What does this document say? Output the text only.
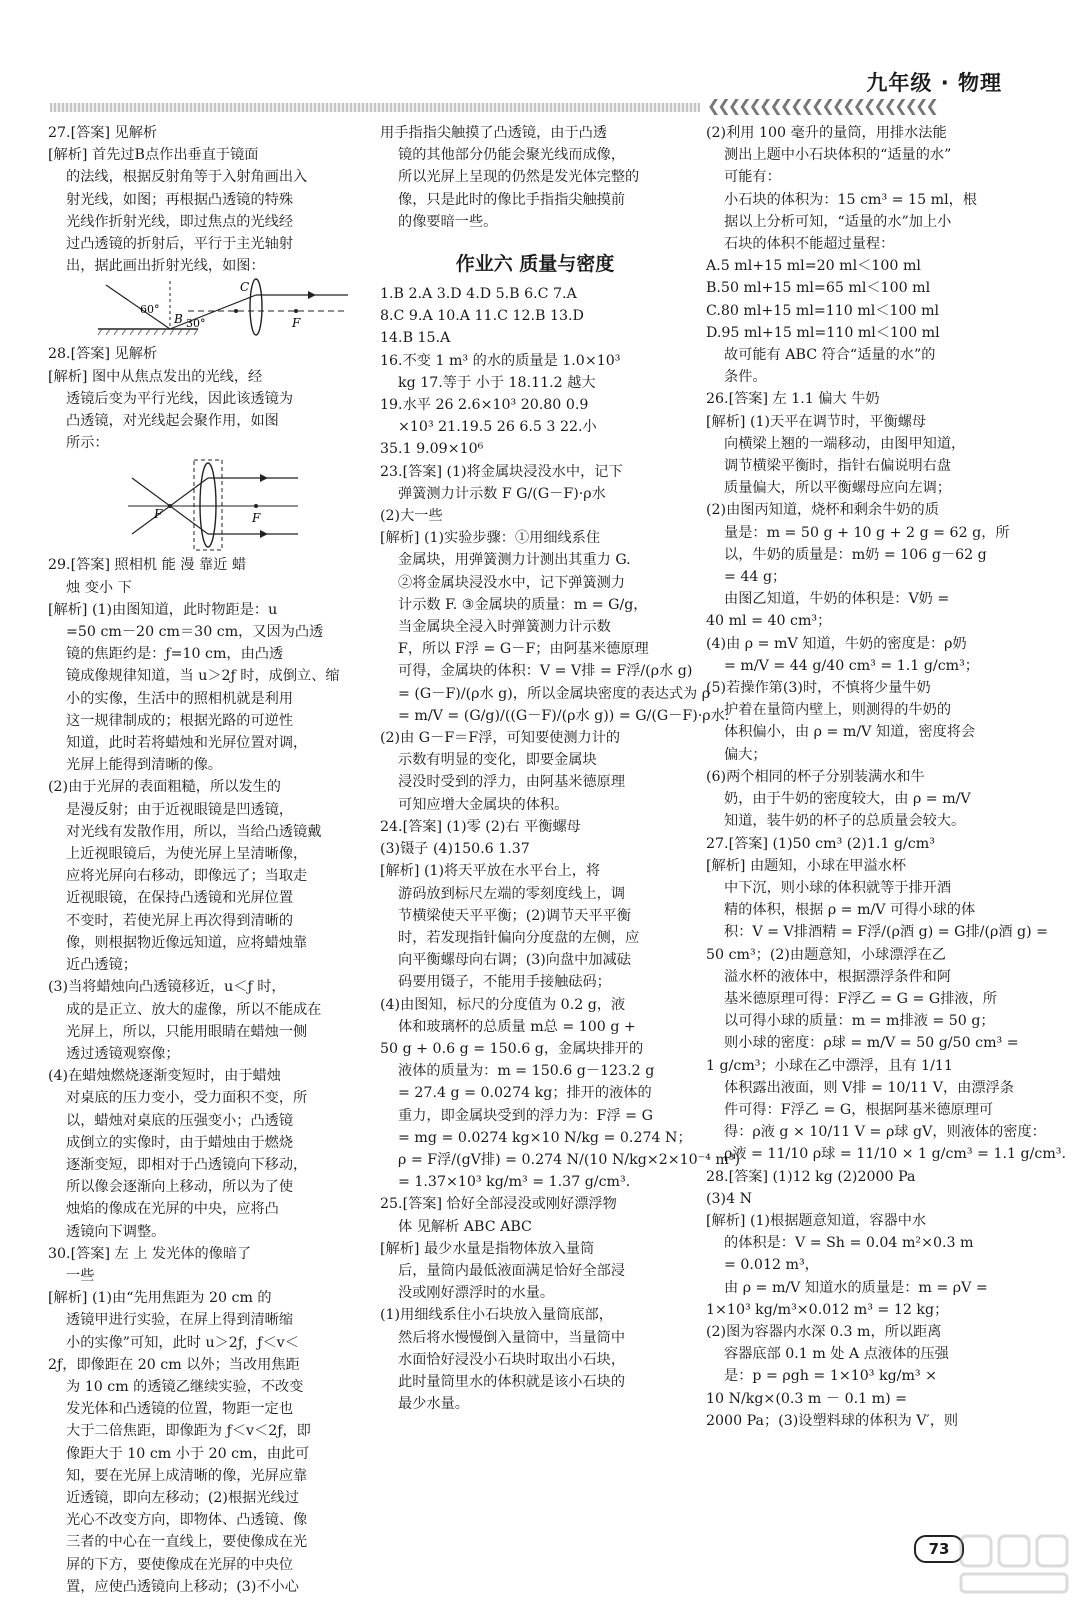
九年级 · 物理
❮❮❮❮❮❮❮❮❮❮❮❮❮❮❮❮❮❮❮❮❮❮
27.[答案] 见解析
[解析] 首先过B点作出垂直于镜面
的法线，根据反射角等于入射角画出入
射光线，如图；再根据凸透镜的特殊
光线作折射光线，即过焦点的光线经
过凸透镜的折射后，平行于主光轴射
出，据此画出折射光线，如图：
C
B	F
60°
30°
28.[答案] 见解析
[解析] 图中从焦点发出的光线，经
透镜后变为平行光线，因此该透镜为
凸透镜，对光线起会聚作用，如图
所示：
F	F
29.[答案] 照相机 能 漫 靠近 蜡
烛 变小 下
[解析] (1)由图知道，此时物距是：u
=50 cm－20 cm＝30 cm，又因为凸透
镜的焦距约是：ƒ=10 cm，由凸透
镜成像规律知道，当 u＞2ƒ 时，成倒立、缩
小的实像，生活中的照相机就是利用
这一规律制成的；根据光路的可逆性
知道，此时若将蜡烛和光屏位置对调，
光屏上能得到清晰的像。
(2)由于光屏的表面粗糙，所以发生的
是漫反射；由于近视眼镜是凹透镜，
对光线有发散作用，所以，当给凸透镜戴
上近视眼镜后，为使光屏上呈清晰像，
应将光屏向右移动，即像远了；当取走
近视眼镜，在保持凸透镜和光屏位置
不变时，若使光屏上再次得到清晰的
像，则根据物近像远知道，应将蜡烛靠
近凸透镜；
(3)当将蜡烛向凸透镜移近，u＜ƒ 时，
成的是正立、放大的虚像，所以不能成在
光屏上，所以，只能用眼睛在蜡烛一侧
透过透镜观察像；
(4)在蜡烛燃烧逐渐变短时，由于蜡烛
对桌底的压力变小，受力面积不变，所
以，蜡烛对桌底的压强变小；凸透镜
成倒立的实像时，由于蜡烛由于燃烧
逐渐变短，即相对于凸透镜向下移动，
所以像会逐渐向上移动，所以为了使
烛焰的像成在光屏的中央，应将凸
透镜向下调整。
30.[答案] 左 上 发光体的像暗了
一些
[解析] (1)由“先用焦距为 20 cm 的
透镜甲进行实验，在屏上得到清晰缩
小的实像”可知，此时 u＞2ƒ，ƒ＜v＜
2ƒ，即像距在 20 cm 以外；当改用焦距
为 10 cm 的透镜乙继续实验，不改变
发光体和凸透镜的位置，物距一定也
大于二倍焦距，即像距为 ƒ＜v＜2ƒ，即
像距大于 10 cm 小于 20 cm，由此可
知，要在光屏上成清晰的像，光屏应靠
近透镜，即向左移动；(2)根据光线过
光心不改变方向，即物体、凸透镜、像
三者的中心在一直线上，要使像成在光
屏的下方，要使像成在光屏的中央位
置，应使凸透镜向上移动；(3)不小心
用手指指尖触摸了凸透镜，由于凸透
镜的其他部分仍能会聚光线而成像，
所以光屏上呈现的仍然是发光体完整的
像，只是此时的像比手指指尖触摸前
的像要暗一些。
作业六 质量与密度
1.B 2.A 3.D 4.D 5.B 6.C 7.A
8.C 9.A 10.A 11.C 12.B 13.D
14.B 15.A
16.不变 1 m³ 的水的质量是 1.0×10³
kg 17.等于 小于 18.11.2 越大
19.水平 26 2.6×10³ 20.80 0.9
×10³ 21.19.5 26 6.5 3 22.小
35.1 9.09×10⁶
23.[答案] (1)将金属块浸没水中，记下
弹簧测力计示数 F G/(G－F)·ρ水
(2)大一些
[解析] (1)实验步骤：①用细线系住
金属块，用弹簧测力计测出其重力 G.
②将金属块浸没水中，记下弹簧测力
计示数 F. ③金属块的质量：m = G/g，
当金属块全浸入时弹簧测力计示数
F，所以 F浮 = G－F；由阿基米德原理
可得，金属块的体积：V = V排 = F浮/(ρ水 g)
= (G－F)/(ρ水 g)，所以金属块密度的表达式为 ρ
= m/V = (G/g)/((G－F)/(ρ水 g)) = G/(G－F)·ρ水.
(2)由 G－F＝F浮，可知要使测力计的
示数有明显的变化，即要金属块
浸没时受到的浮力，由阿基米德原理
可知应增大金属块的体积。
24.[答案] (1)零 (2)右 平衡螺母
(3)镊子 (4)150.6 1.37
[解析] (1)将天平放在水平台上，将
游码放到标尺左端的零刻度线上，调
节横梁使天平平衡；(2)调节天平平衡
时，若发现指针偏向分度盘的左侧，应
向平衡螺母向右调；(3)向盘中加减砝
码要用镊子，不能用手接触砝码；
(4)由图知，标尺的分度值为 0.2 g，液
体和玻璃杯的总质量 m总 = 100 g +
50 g + 0.6 g = 150.6 g，金属块排开的
液体的质量为：m = 150.6 g－123.2 g
= 27.4 g = 0.0274 kg；排开的液体的
重力，即金属块受到的浮力为：F浮 = G
= mg = 0.0274 kg×10 N/kg = 0.274 N；
ρ = F浮/(gV排) = 0.274 N/(10 N/kg×2×10⁻⁴ m³)
= 1.37×10³ kg/m³ = 1.37 g/cm³.
25.[答案] 恰好全部浸没或刚好漂浮物
体 见解析 ABC ABC
[解析] 最少水量是指物体放入量筒
后，量筒内最低液面满足恰好全部浸
没或刚好漂浮时的水量。
(1)用细线系住小石块放入量筒底部，
然后将水慢慢倒入量筒中，当量筒中
水面恰好浸没小石块时取出小石块，
此时量筒里水的体积就是该小石块的
最少水量。
(2)利用 100 毫升的量筒，用排水法能
测出上题中小石块体积的“适量的水”
可能有：
小石块的体积为：15 cm³ = 15 ml，根
据以上分析可知，“适量的水”加上小
石块的体积不能超过量程：
A.5 ml+15 ml=20 ml＜100 ml
B.50 ml+15 ml=65 ml＜100 ml
C.80 ml+15 ml=110 ml＜100 ml
D.95 ml+15 ml=110 ml＜100 ml
故可能有 ABC 符合“适量的水”的
条件。
26.[答案] 左 1.1 偏大 牛奶
[解析] (1)天平在调节时，平衡螺母
向横梁上翘的一端移动，由图甲知道，
调节横梁平衡时，指针右偏说明右盘
质量偏大，所以平衡螺母应向左调；
(2)由图丙知道，烧杯和剩余牛奶的质
量是：m = 50 g + 10 g + 2 g = 62 g，所
以，牛奶的质量是：m奶 = 106 g－62 g
= 44 g；
由图乙知道，牛奶的体积是：V奶 =
40 ml = 40 cm³；
(4)由 ρ = mV 知道，牛奶的密度是：ρ奶
= m/V = 44 g/40 cm³ = 1.1 g/cm³；
(5)若操作第(3)时，不慎将少量牛奶
护着在量筒内壁上，则测得的牛奶的
体积偏小，由 ρ = m/V 知道，密度将会
偏大；
(6)两个相同的杯子分别装满水和牛
奶，由于牛奶的密度较大，由 ρ = m/V
知道，装牛奶的杯子的总质量会较大。
27.[答案] (1)50 cm³ (2)1.1 g/cm³
[解析] 由题知，小球在甲溢水杯
中下沉，则小球的体积就等于排开酒
精的体积，根据 ρ = m/V 可得小球的体
积：V = V排酒精 = F浮/(ρ酒 g) = G排/(ρ酒 g) =
50 cm³；(2)由题意知，小球漂浮在乙
溢水杯的液体中，根据漂浮条件和阿
基米德原理可得：F浮乙 = G = G排液，所
以可得小球的质量：m = m排液 = 50 g；
则小球的密度：ρ球 = m/V = 50 g/50 cm³ =
1 g/cm³；小球在乙中漂浮，且有 1/11
体积露出液面，则 V排 = 10/11 V，由漂浮条
件可得：F浮乙 = G，根据阿基米德原理可
得：ρ液 g × 10/11 V = ρ球 gV，则液体的密度：
ρ液 = 11/10 ρ球 = 11/10 × 1 g/cm³ = 1.1 g/cm³.
28.[答案] (1)12 kg (2)2000 Pa
(3)4 N
[解析] (1)根据题意知道，容器中水
的体积是：V = Sh = 0.04 m²×0.3 m
= 0.012 m³，
由 ρ = m/V 知道水的质量是：m = ρV =
1×10³ kg/m³×0.012 m³ = 12 kg；
(2)图为容器内水深 0.3 m，所以距离
容器底部 0.1 m 处 A 点液体的压强
是：p = ρgh = 1×10³ kg/m³ ×
10 N/kg×(0.3 m － 0.1 m) =
2000 Pa；(3)设塑料球的体积为 V′，则
73
